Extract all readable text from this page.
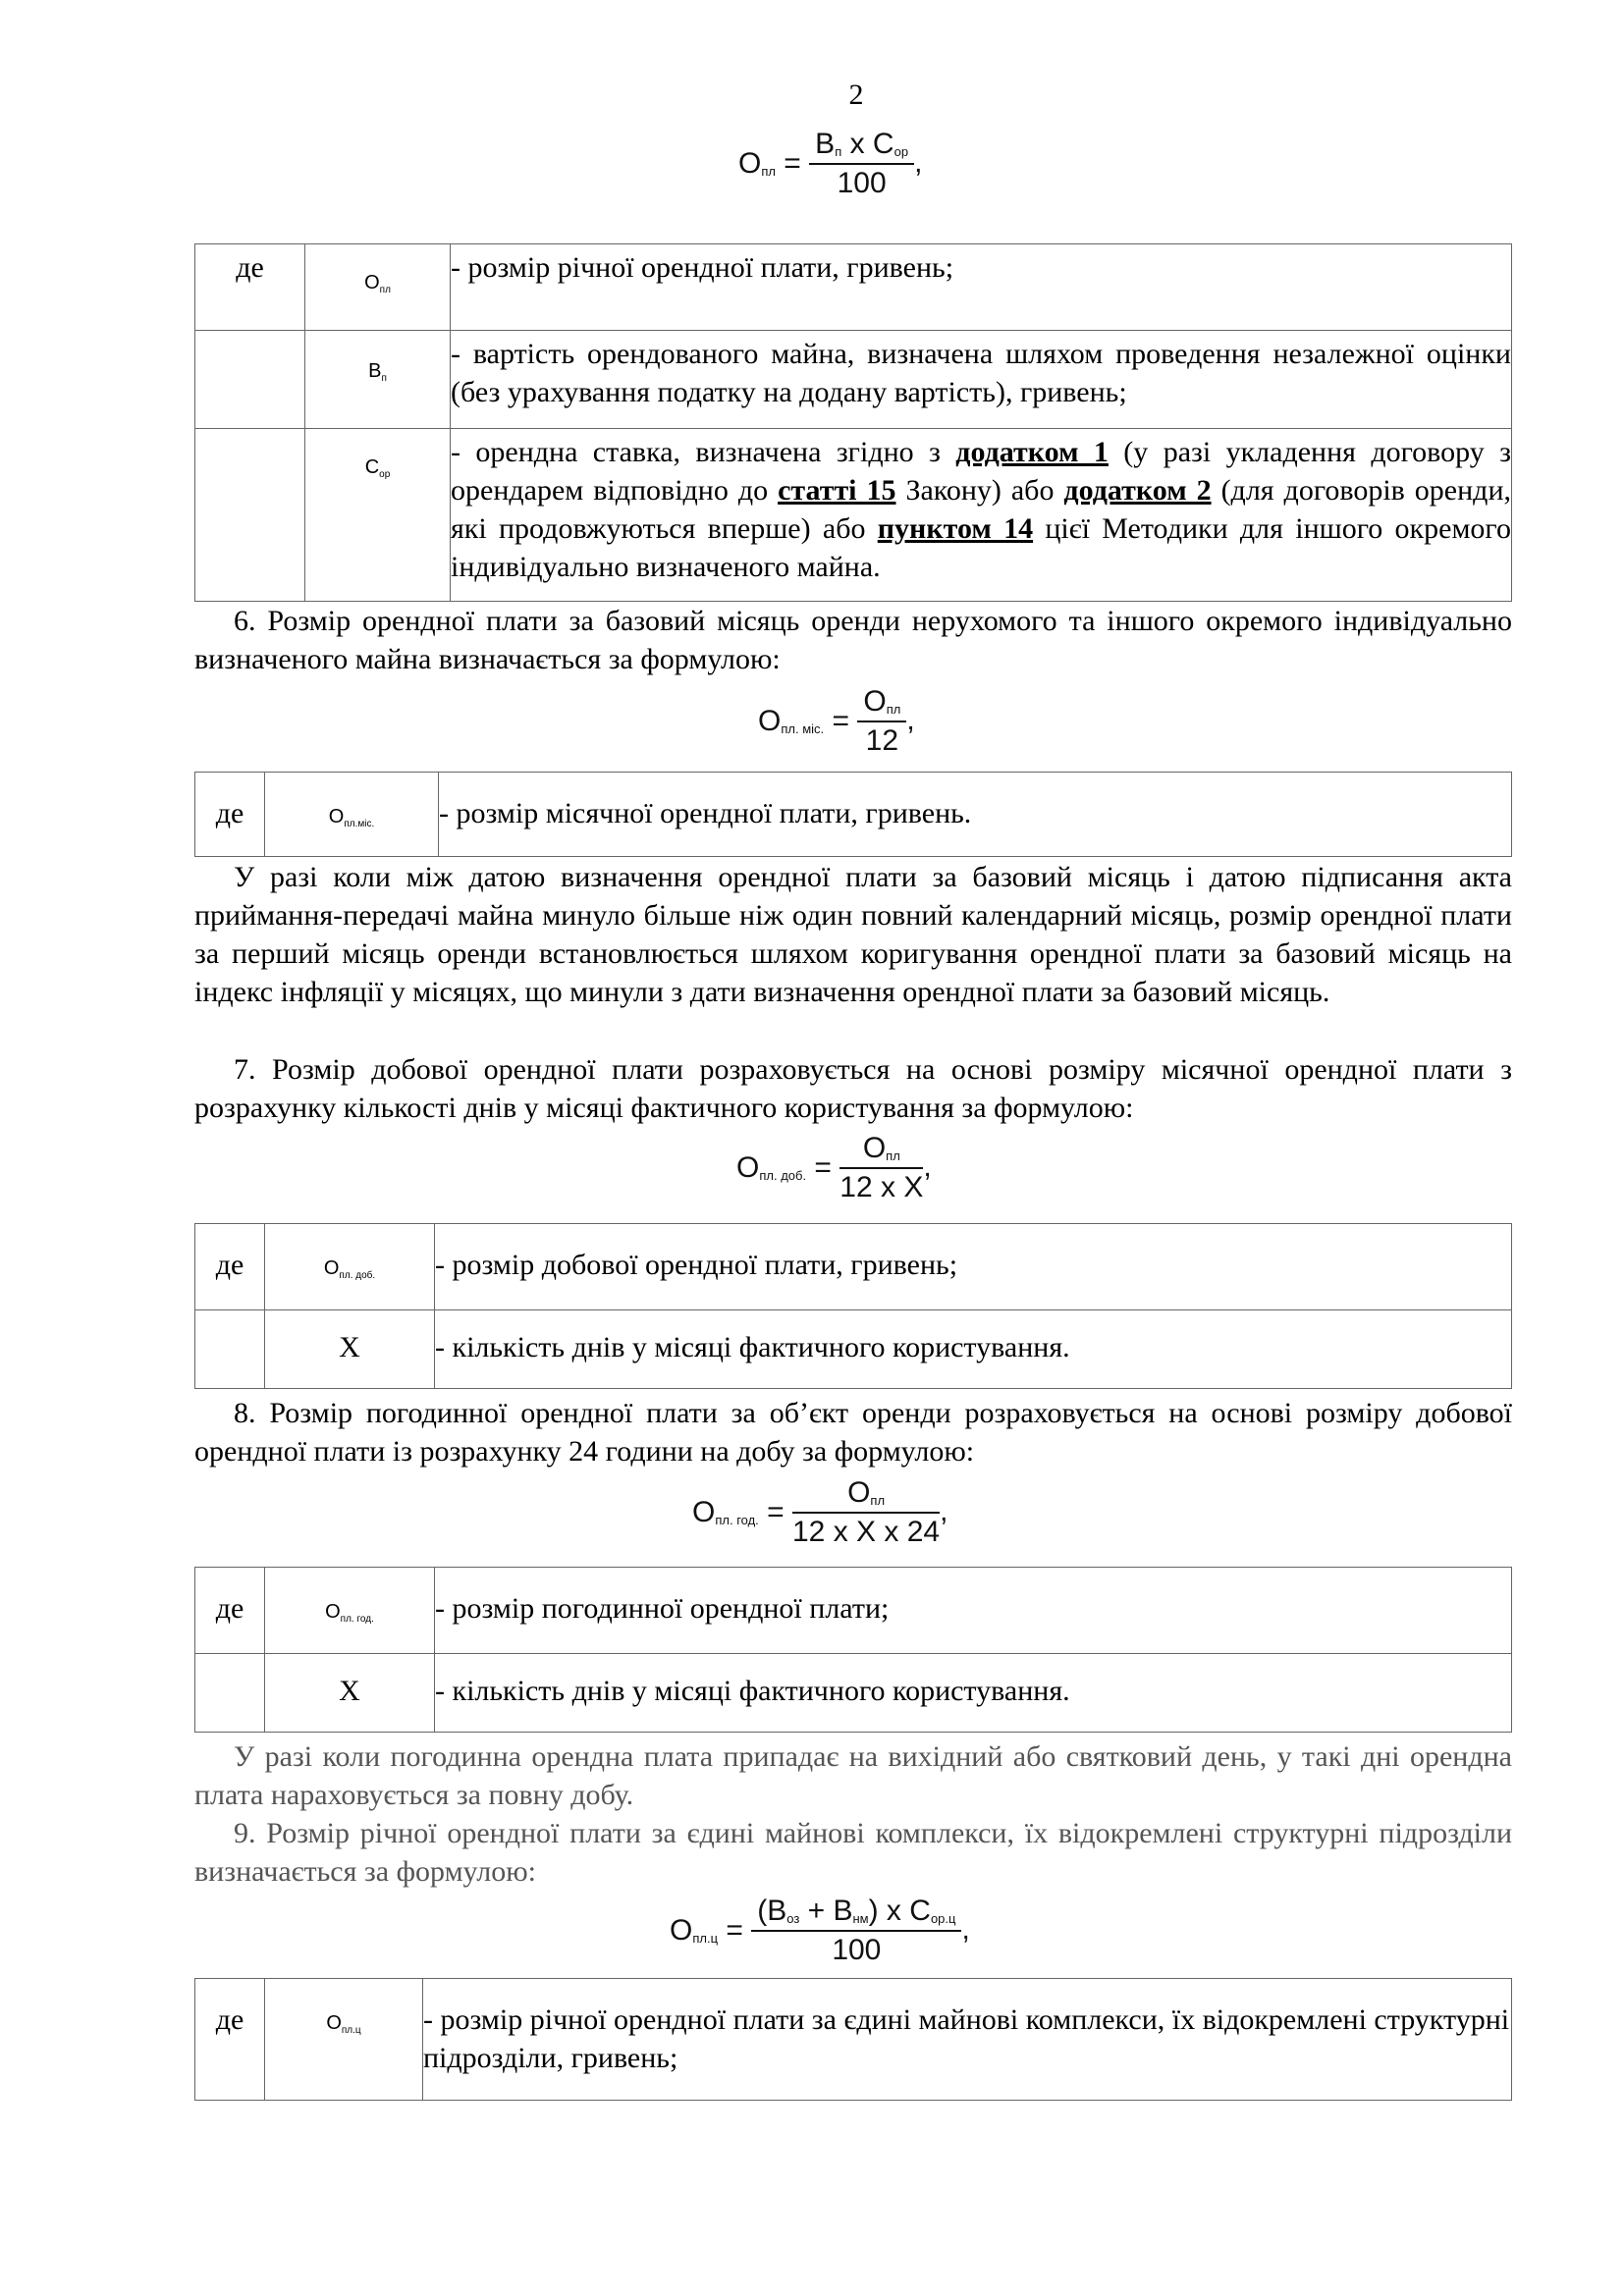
2
$О_{пл} = \frac{В_п х С_{ор}}{100}$ ,
де	$О_{пл}$	- розмір річної орендної плати, гривень;
	$В_п$	- вартість орендованого майна, визначена шляхом проведення незалежної оцінки (без урахування податку на додану вартість), гривень;
	$С_{ор}$	- орендна ставка, визначена згідно з додатком 1 (у разі укладення договору з орендарем відповідно до статті 15 Закону) або додатком 2 (для договорів оренди, які продовжуються вперше) або пунктом 14 цієї Методики для іншого окремого індивідуально визначеного майна.
6. Розмір орендної плати за базовий місяць оренди нерухомого та іншого окремого індивідуально визначеного майна визначається за формулою:
$О_{пл. міс.} = \frac{О_{пл}}{12}$ ,
де	$О_{пл.міс.}$	- розмір місячної орендної плати, гривень.
У разі коли між датою визначення орендної плати за базовий місяць і датою підписання акта приймання-передачі майна минуло більше ніж один повний календарний місяць, розмір орендної плати за перший місяць оренди встановлюється шляхом коригування орендної плати за базовий місяць на індекс інфляції у місяцях, що минули з дати визначення орендної плати за базовий місяць.
7. Розмір добової орендної плати розраховується на основі розміру місячної орендної плати з розрахунку кількості днів у місяці фактичного користування за формулою:
$О_{пл. доб.} = \frac{О_{пл}}{\text{12 х Х}}$ ,
де	$О_{пл. доб.}$	- розмір добової орендної плати, гривень;
	Х	- кількість днів у місяці фактичного користування.
8. Розмір погодинної орендної плати за об’єкт оренди розраховується на основі розміру добової орендної плати із розрахунку 24 години на добу за формулою:
$О_{пл. год.} = \frac{О_{пл}}{\text{12 х Х х 24}}$ ,
де	$О_{пл. год.}$	- розмір погодинної орендної плати;
	Х	- кількість днів у місяці фактичного користування.
У разі коли погодинна орендна плата припадає на вихідний або святковий день, у такі дні орендна плата нараховується за повну добу.
9. Розмір річної орендної плати за єдині майнові комплекси, їх відокремлені структурні підрозділи визначається за формулою:
$О_{пл.ц} = \frac{(В_{оз} + В_{нм}) х С_{ор.ц}}{100}$ ,
де	$О_{пл.ц}$	- розмір річної орендної плати за єдині майнові комплекси, їх відокремлені структурні підрозділи, гривень;
